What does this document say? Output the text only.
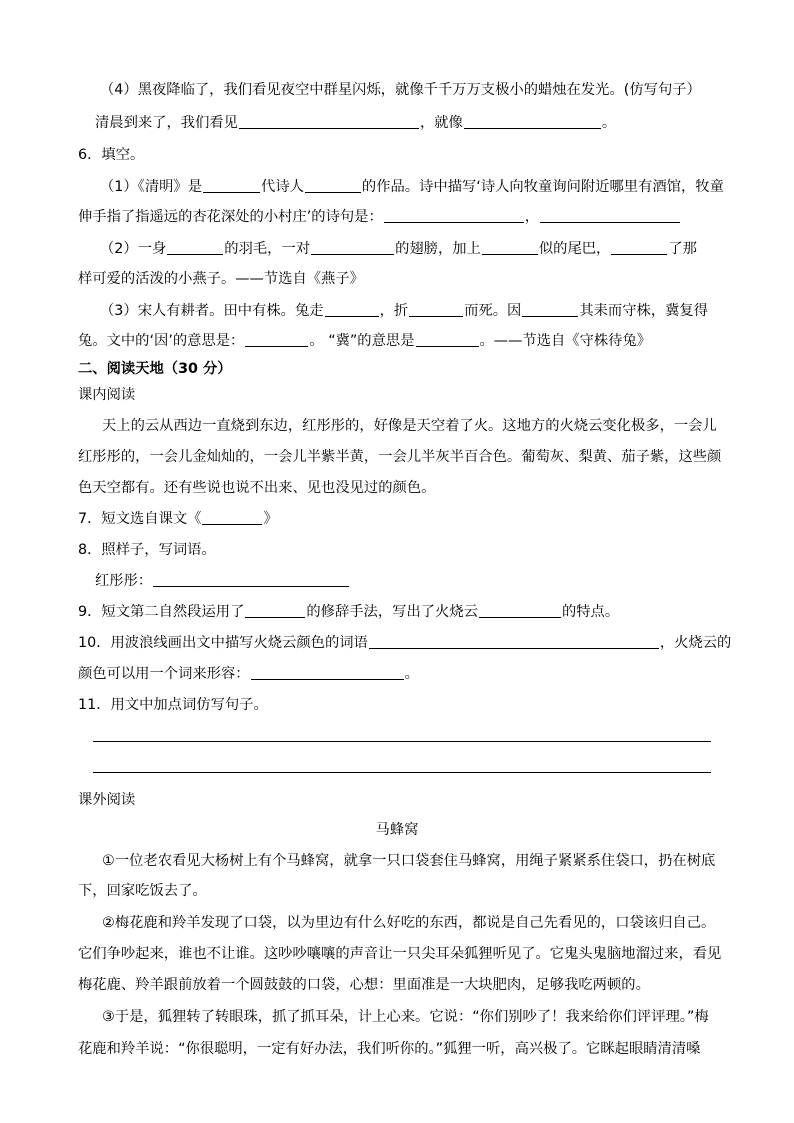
（4）黑夜降临了，我们看见夜空中群星闪烁，就像千千万万支极小的蜡烛在发光。(仿写句子）
清晨到来了，我们看见	，就像	。
6．填空。
（1）《清明》是	代诗人	的作品。诗中描写‘诗人向牧童询问附近哪里有酒馆，牧童
伸手指了指遥远的杏花深处的小村庄’的诗句是：	，
（2）一身	的羽毛，一对	的翅膀，加上	似的尾巴，	了那
样可爱的活泼的小燕子。——节选自《燕子》
（3）宋人有耕者。田中有株。兔走	，折	而死。因	其耒而守株，冀复得
兔。文中的‘因’的意思是：	。 “冀”的意思是	。——节选自《守株待兔》
二、阅读天地（30 分）
课内阅读
天上的云从西边一直烧到东边，红彤彤的，好像是天空着了火。这地方的火烧云变化极多，一会儿
红彤彤的，一会儿金灿灿的，一会儿半紫半黄，一会儿半灰半百合色。葡萄灰、梨黄、茄子紫，这些颜
色天空都有。还有些说也说不出来、见也没见过的颜色。
7．短文选自课文《	》
8．照样子，写词语。
红彤彤：
9．短文第二自然段运用了	的修辞手法，写出了火烧云	的特点。
10．用波浪线画出文中描写火烧云颜色的词语	，火烧云的
颜色可以用一个词来形容：	。
11．用文中加点词仿写句子。
课外阅读
马蜂窝
①一位老农看见大杨树上有个马蜂窝，就拿一只口袋套住马蜂窝，用绳子紧紧系住袋口，扔在树底
下，回家吃饭去了。
②梅花鹿和羚羊发现了口袋，以为里边有什么好吃的东西，都说是自己先看见的，口袋该归自己。
它们争吵起来，谁也不让谁。这吵吵嚷嚷的声音让一只尖耳朵狐狸听见了。它鬼头鬼脑地溜过来，看见
梅花鹿、羚羊跟前放着一个圆鼓鼓的口袋，心想：里面准是一大块肥肉，足够我吃两顿的。
③于是，狐狸转了转眼珠，抓了抓耳朵，计上心来。它说：“你们别吵了！我来给你们评评理。”梅
花鹿和羚羊说：“你很聪明，一定有好办法，我们听你的。”狐狸一听，高兴极了。它眯起眼睛清清嗓
